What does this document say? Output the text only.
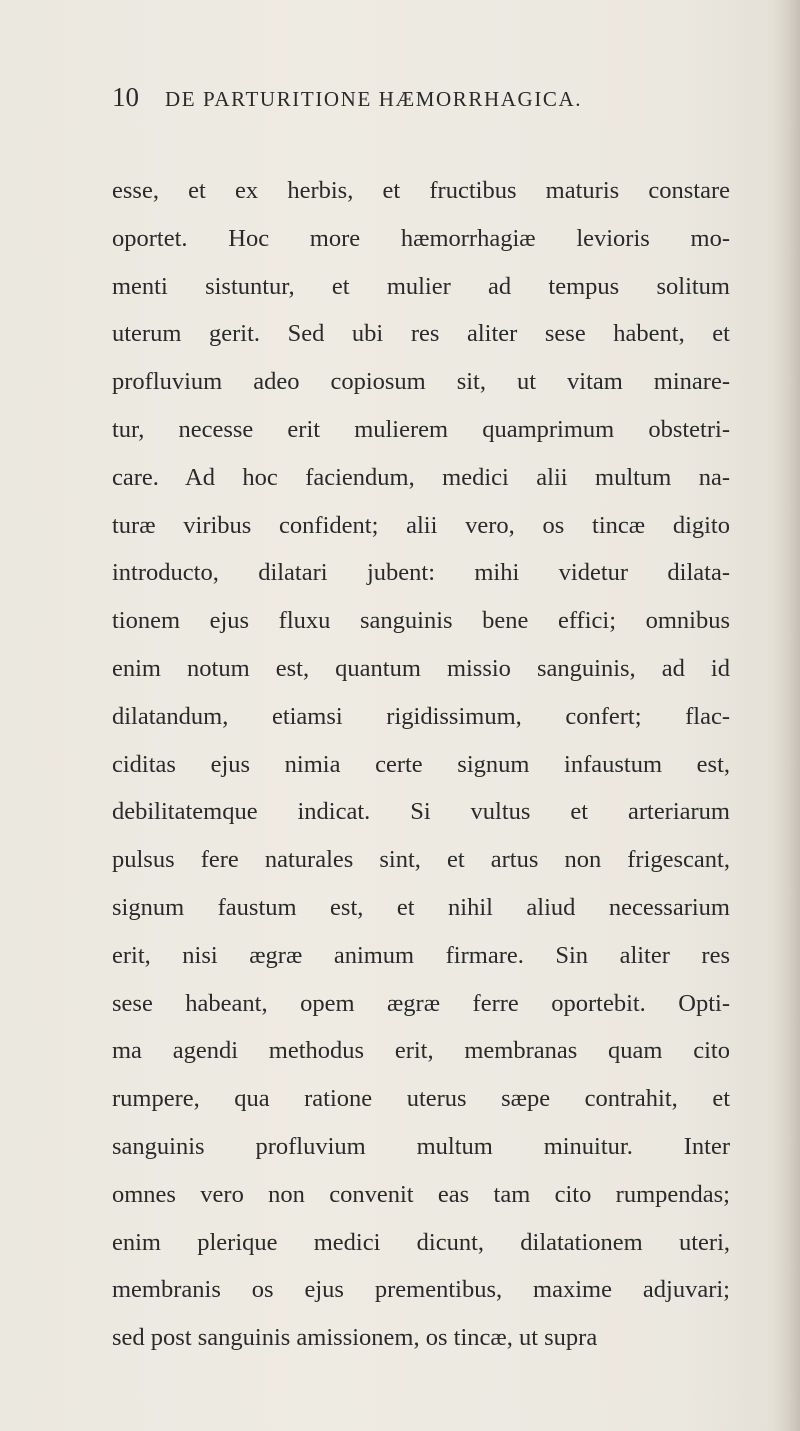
10 DE PARTURITIONE HÆMORRHAGICA.
esse, et ex herbis, et fructibus maturis constare
oportet. Hoc more hæmorrhagiæ levioris mo-
menti sistuntur, et mulier ad tempus solitum
uterum gerit. Sed ubi res aliter sese habent, et
profluvium adeo copiosum sit, ut vitam minare-
tur, necesse erit mulierem quamprimum obstetri-
care. Ad hoc faciendum, medici alii multum na-
turæ viribus confident; alii vero, os tincæ digito
introducto, dilatari jubent: mihi videtur dilata-
tionem ejus fluxu sanguinis bene effici; omnibus
enim notum est, quantum missio sanguinis, ad id
dilatandum, etiamsi rigidissimum, confert; flac-
ciditas ejus nimia certe signum infaustum est,
debilitatemque indicat. Si vultus et arteriarum
pulsus fere naturales sint, et artus non frigescant,
signum faustum est, et nihil aliud necessarium
erit, nisi ægræ animum firmare. Sin aliter res
sese habeant, opem ægræ ferre oportebit. Opti-
ma agendi methodus erit, membranas quam cito
rumpere, qua ratione uterus sæpe contrahit, et
sanguinis profluvium multum minuitur. Inter
omnes vero non convenit eas tam cito rumpendas;
enim plerique medici dicunt, dilatationem uteri,
membranis os ejus prementibus, maxime adjuvari;
sed post sanguinis amissionem, os tincæ, ut supra
